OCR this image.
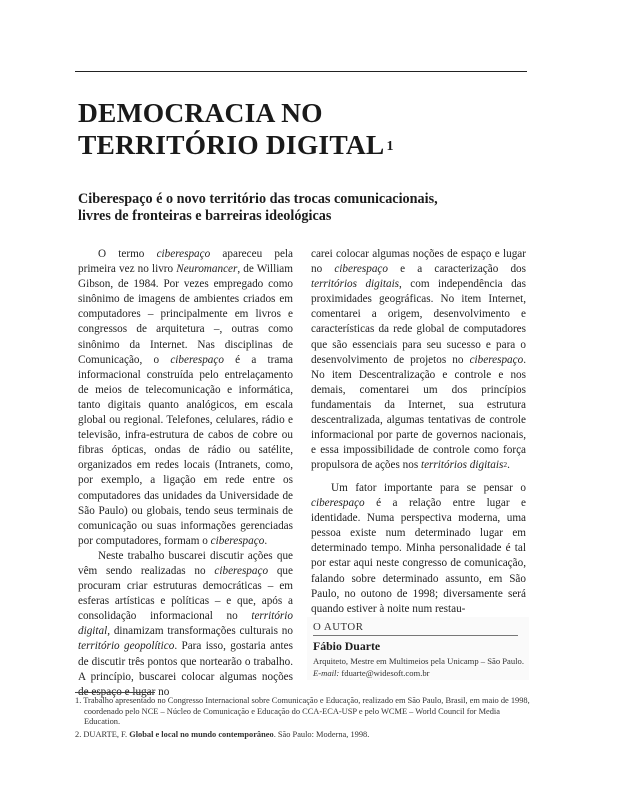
DEMOCRACIA NO
TERRITÓRIO DIGITAL $^1$
Ciberespaço é o novo território das trocas comunicacionais,
livres de fronteiras e barreiras ideológicas

O termo ciberespaço apareceu pela primeira vez no livro Neuromancer, de William Gibson, de 1984. Por vezes empregado como sinônimo de imagens de ambientes criados em computadores – principalmente em livros e congressos de arquitetura –, outras como sinônimo da Internet. Nas disciplinas de Comunicação, o ciberespaço é a trama informacional construída pelo entrelaçamento de meios de telecomunicação e informática, tanto digitais quanto analógicos, em escala global ou regional. Telefones, celulares, rádio e televisão, infra-estrutura de cabos de cobre ou fibras ópticas, ondas de rádio ou satélite, organizados em redes locais (Intranets, como, por exemplo, a ligação em rede entre os computadores das unidades da Universidade de São Paulo) ou globais, tendo seus terminais de comunicação ou suas informações gerenciadas por computadores, formam o ciberespaço.

Neste trabalho buscarei discutir ações que vêm sendo realizadas no ciberespaço que procuram criar estruturas democráticas – em esferas artísticas e políticas – e que, após a consolidação informacional no território digital, dinamizam transformações culturais no território geopolítico. Para isso, gostaria antes de discutir três pontos que nortearão o trabalho. A princípio, buscarei colocar algumas noções de espaço e lugar no

carei colocar algumas noções de espaço e lugar no ciberespaço e a caracterização dos territórios digitais, com independência das proximidades geográficas. No item Internet, comentarei a origem, desenvolvimento e características da rede global de computadores que são essenciais para seu sucesso e para o desenvolvimento de projetos no ciberespaço. No item Descentralização e controle e nos demais, comentarei um dos princípios fundamentais da Internet, sua estrutura descentralizada, algumas tentativas de controle informacional por parte de governos nacionais, e essa impossibilidade de controle como força propulsora de ações nos territórios digitais$^2$.

Um fator importante para se pensar o ciberespaço é a relação entre lugar e identidade. Numa perspectiva moderna, uma pessoa existe num determinado lugar em determinado tempo. Minha personalidade é tal por estar aqui neste congresso de comunicação, falando sobre determinado assunto, em São Paulo, no outono de 1998; diversamente será quando estiver à noite num restau-

O AUTOR
Fábio Duarte
Arquiteto, Mestre em Multimeios pela Unicamp – São Paulo. E-mail: fduarte@widesoft.com.br

1. Trabalho apresentado no Congresso Internacional sobre Comunicação e Educação, realizado em São Paulo, Brasil, em maio de 1998, coordenado pelo NCE – Núcleo de Comunicação e Educação do CCA-ECA-USP e pelo WCME – World Council for Media Education.

2. DUARTE, F. Global e local no mundo contemporâneo. São Paulo: Moderna, 1998.
